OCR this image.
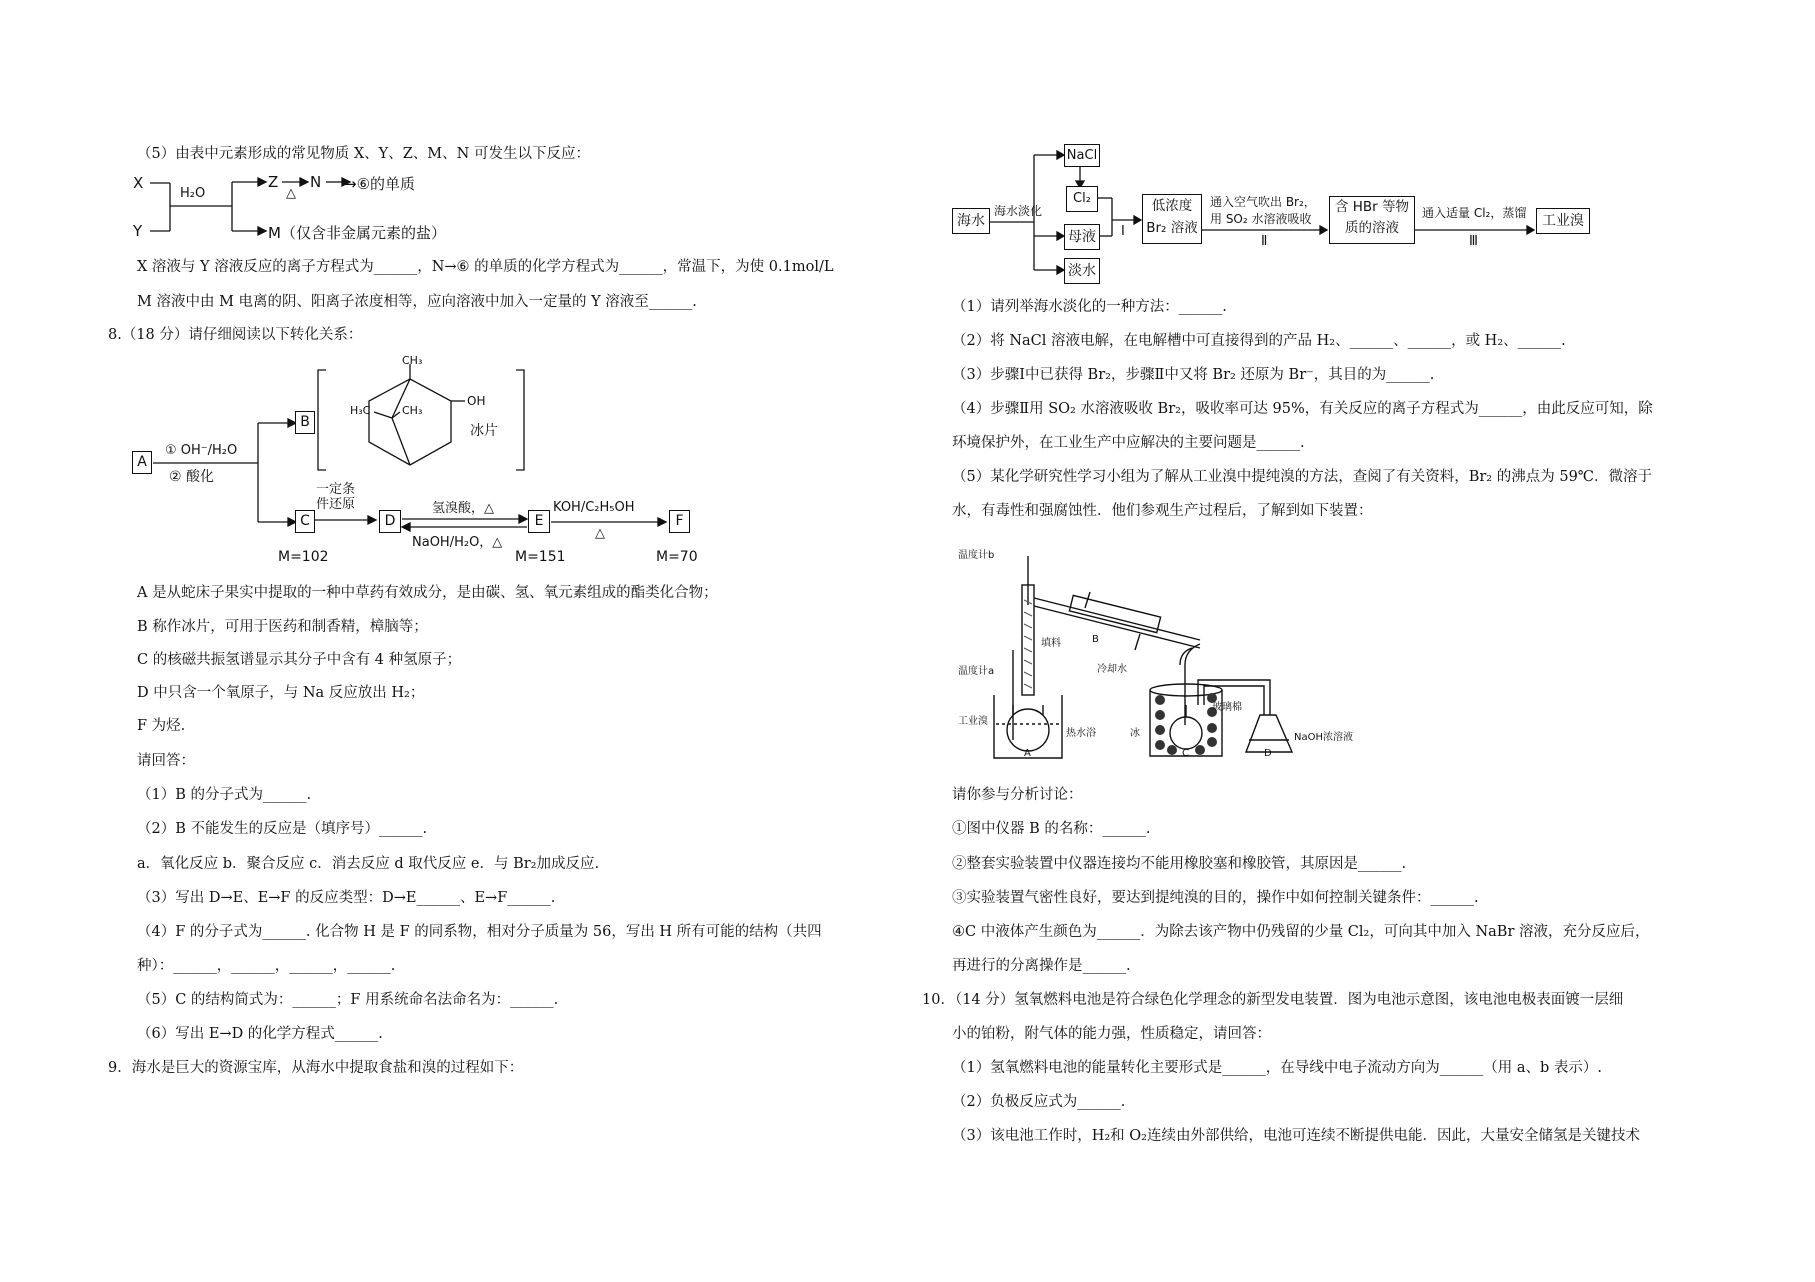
（5）由表中元素形成的常见物质 X、Y、Z、M、N 可发生以下反应：
X
Y
H₂O
Z
△
N →⑥的单质
M（仅含非金属元素的盐）
X 溶液与 Y 溶液反应的离子方程式为______，N→⑥ 的单质的化学方程式为______，常温下，为使 0.1mol/L
M 溶液中由 M 电离的阴、阳离子浓度相等，应向溶液中加入一定量的 Y 溶液至______.
8.（18 分）请仔细阅读以下转化关系：
A
B
C	D	E	F
① OH⁻/H₂O
② 酸化
一定条件还原	氢溴酸，△
NaOH/H₂O，△
KOH/C₂H₅OH
△
M=102	M=151	M=70
CH₃
H₃C	CH₃
OH
冰片
A 是从蛇床子果实中提取的一种中草药有效成分，是由碳、氢、氧元素组成的酯类化合物；
B 称作冰片，可用于医药和制香精，樟脑等；
C 的核磁共振氢谱显示其分子中含有 4 种氢原子；
D 中只含一个氧原子，与 Na 反应放出 H₂；
F 为烃.
请回答：
（1）B 的分子式为______.
（2）B 不能发生的反应是（填序号）______.
a．氧化反应 b．聚合反应 c．消去反应 d 取代反应 e．与 Br₂加成反应.
（3）写出 D→E、E→F 的反应类型：D→E______、E→F______.
（4）F 的分子式为______. 化合物 H 是 F 的同系物，相对分子质量为 56，写出 H 所有可能的结构（共四
种）：______，______，______，______.
（5）C 的结构简式为：______；F 用系统命名法命名为：______.
（6）写出 E→D 的化学方程式______.
9．海水是巨大的资源宝库，从海水中提取食盐和溴的过程如下：
海水
海水淡化
NaCl
Cl₂
母液
淡水
I
低浓度
Br₂ 溶液
通入空气吹出 Br₂，
用 SO₂ 水溶液吸收
Ⅱ
含 HBr 等物
质的溶液
通入适量 Cl₂，蒸馏
Ⅲ
工业溴
（1）请列举海水淡化的一种方法：______.
（2）将 NaCl 溶液电解，在电解槽中可直接得到的产品 H₂、______、______，或 H₂、______.
（3）步骤Ⅰ中已获得 Br₂，步骤Ⅱ中又将 Br₂ 还原为 Br⁻，其目的为______.
（4）步骤Ⅱ用 SO₂ 水溶液吸收 Br₂，吸收率可达 95%，有关反应的离子方程式为______，由此反应可知，除
环境保护外，在工业生产中应解决的主要问题是______.
（5）某化学研究性学习小组为了解从工业溴中提纯溴的方法，查阅了有关资料，Br₂ 的沸点为 59℃．微溶于
水，有毒性和强腐蚀性．他们参观生产过程后，了解到如下装置：
温度计b
填料	B
冷却水
温度计a
工业溴
热水浴
玻璃棉
冰	NaOH浓溶液
A	C	D
请你参与分析讨论：
①图中仪器 B 的名称：______.
②整套实验装置中仪器连接均不能用橡胶塞和橡胶管，其原因是______.
③实验装置气密性良好，要达到提纯溴的目的，操作中如何控制关键条件：______.
④C 中液体产生颜色为______．为除去该产物中仍残留的少量 Cl₂，可向其中加入 NaBr 溶液，充分反应后，
再进行的分离操作是______.
10．（14 分）氢氧燃料电池是符合绿色化学理念的新型发电装置．图为电池示意图，该电池电极表面镀一层细
小的铂粉，附气体的能力强，性质稳定，请回答：
（1）氢氧燃料电池的能量转化主要形式是______，在导线中电子流动方向为______（用 a、b 表示）.
（2）负极反应式为______.
（3）该电池工作时，H₂和 O₂连续由外部供给，电池可连续不断提供电能．因此，大量安全储氢是关键技术
